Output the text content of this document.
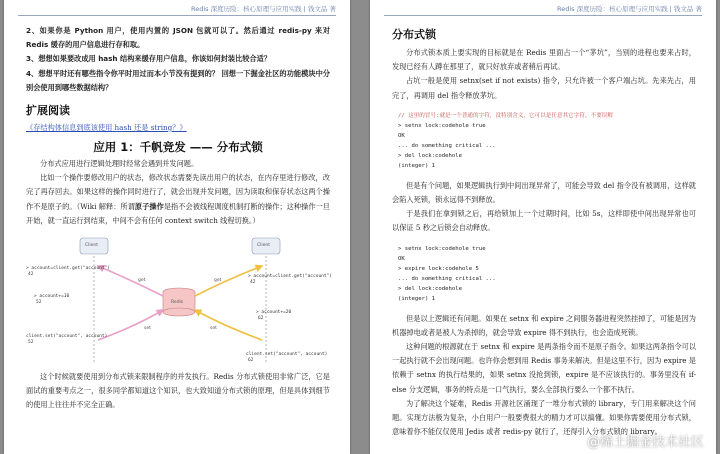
Redis 深度历险：核心原理与应用实践 | 钱文品 著

2、如果你是 Python 用户，使用内置的 JSON 包就可以了。然后通过 redis-py 来对 Redis 缓存的用户信息进行存和取。

3、想想如果要改成用 hash 结构来缓存用户信息，你该如何封装比较合适？

4、想想平时还有哪些指令你平时用过而本小节没有提到的？ 回想一下掘金社区的功能模块中分别会使用到哪些数据结构？

扩展阅读
《存结构体信息到底该使用 hash 还是 string？》
应用 1：千帆竞发 —— 分布式锁

分布式应用进行逻辑处理时经常会遇到并发问题。

比如一个操作要修改用户的状态，修改状态需要先读出用户的状态，在内存里进行修改，改完了再存回去。如果这样的操作同时进行了，就会出现并发问题，因为读取和保存状态这两个操作不是原子的。（Wiki 解释：所谓原子操作是指不会被线程调度机制打断的操作；这种操作一旦开始，就一直运行到结束，中间不会有任何 context switch 线程切换。）

Client	Client
Redis
get
set
get
set
> account=client.get("account")
42
> account+=10
52
client.set("account", account)
52
> account=client.get("account")
42
> account+=20
62
client.set("account", account)
62

这个时候就要使用到分布式锁来限制程序的并发执行。Redis 分布式锁使用非常广泛，它是面试的重要考点之一，很多同学都知道这个知识，也大致知道分布式锁的原理，但是具体到细节的使用上往往并不完全正确。

Redis 深度历险：核心原理与应用实践 | 钱文品 著
分布式锁

分布式锁本质上要实现的目标就是在 Redis 里面占一个“茅坑”，当别的进程也要来占时，发现已经有人蹲在那里了，就只好放弃或者稍后再试。

占坑一般是使用 setnx(set if not exists) 指令，只允许被一个客户端占坑。先来先占，用完了，再调用 del 指令释放茅坑。

// 这里的冒号:就是一个普通的字符，没特别含义，它可以是任意其它字符，不要误解
> setnx lock:codehole true
OK
... do something critical ...
> del lock:codehole
(integer) 1

但是有个问题，如果逻辑执行到中间出现异常了，可能会导致 del 指令没有被调用，这样就会陷入死锁，锁永远得不到释放。

于是我们在拿到锁之后，再给锁加上一个过期时间，比如 5s，这样即使中间出现异常也可以保证 5 秒之后锁会自动释放。

> setnx lock:codehole true
OK
> expire lock:codehole 5
... do something critical ...
> del lock:codehole
(integer) 1

但是以上逻辑还有问题。如果在 setnx 和 expire 之间服务器进程突然挂掉了，可能是因为机器掉电或者是被人为杀掉的，就会导致 expire 得不到执行，也会造成死锁。

这种问题的根源就在于 setnx 和 expire 是两条指令而不是原子指令。如果这两条指令可以一起执行就不会出现问题。也许你会想到用 Redis 事务来解决。但是这里不行，因为 expire 是依赖于 setnx 的执行结果的，如果 setnx 没抢到锁，expire 是不应该执行的。事务里没有 if-else 分支逻辑，事务的特点是一口气执行，要么全部执行要么一个都不执行。

为了解决这个疑难，Redis 开源社区涌现了一堆分布式锁的 library，专门用来解决这个问题。实现方法极为复杂，小白用户一般要费很大的精力才可以搞懂。如果你需要使用分布式锁，意味着你不能仅仅使用 Jedis 或者 redis-py 就行了，还得引入分布式锁的 library。

@稀土掘金技术社区
